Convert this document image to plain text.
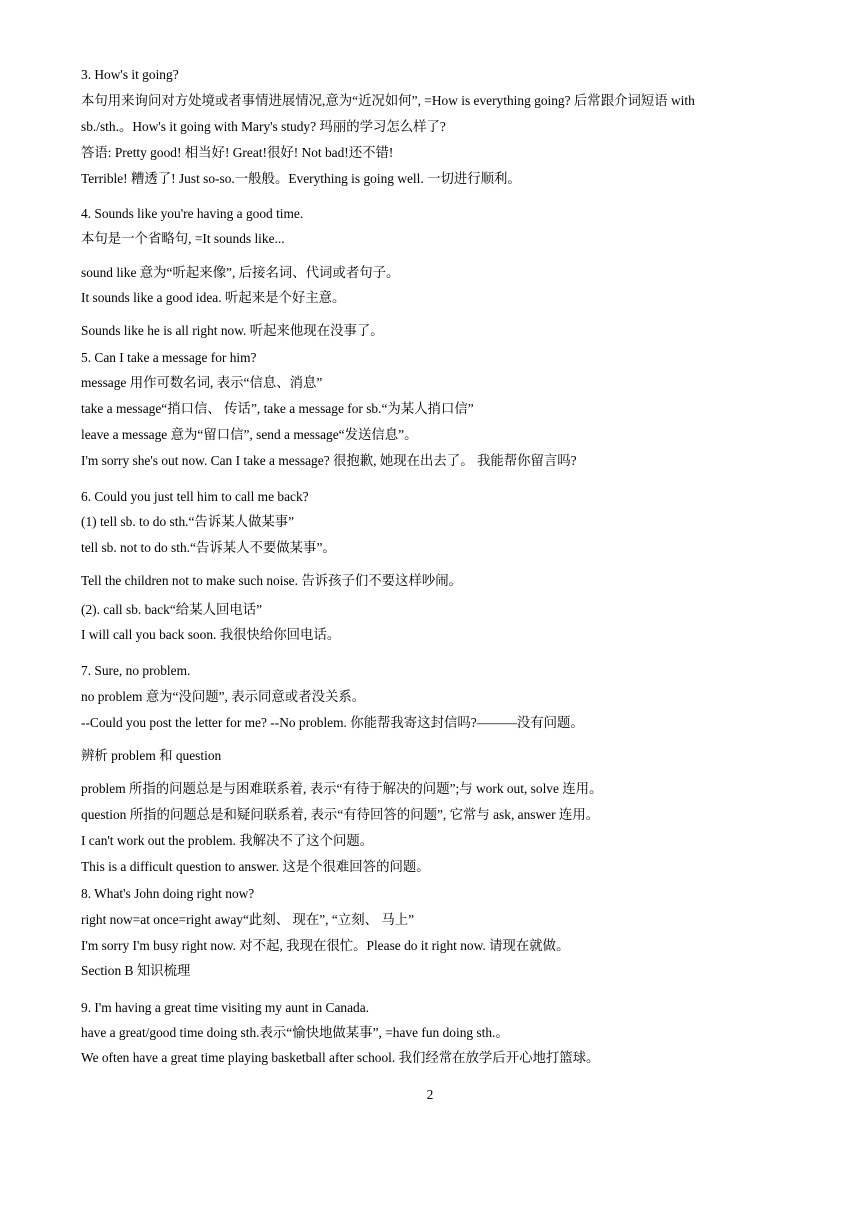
3. How's it going?
本句用来询问对方处境或者事情进展情况,意为“近况如何”, =How is everything going? 后常跟介词短语 with
sb./sth.。How's it going with Mary's study? 玛丽的学习怎么样了?
答语: Pretty good! 相当好! Great!很好! Not bad!还不错!
Terrible! 糟透了! Just so-so.一般般。Everything is going well. 一切进行顺利。
4. Sounds like you're having a good time.
本句是一个省略句, =It sounds like...
sound like 意为“听起来像”, 后接名词、代词或者句子。
It sounds like a good idea. 听起来是个好主意。
Sounds like he is all right now. 听起来他现在没事了。
5. Can I take a message for him?
message 用作可数名词, 表示“信息、消息”
take a message“捎口信、 传话”, take a message for sb.“为某人捎口信”
leave a message 意为“留口信”, send a message“发送信息”。
I'm sorry she's out now. Can I take a message? 很抱歉, 她现在出去了。 我能帮你留言吗?
6. Could you just tell him to call me back?
(1) tell sb. to do sth.“告诉某人做某事”
tell sb. not to do sth.“告诉某人不要做某事”。
Tell the children not to make such noise. 告诉孩子们不要这样吵闹。
(2). call sb. back“给某人回电话”
I will call you back soon. 我很快给你回电话。
7. Sure, no problem.
no problem 意为“没问题”, 表示同意或者没关系。
--Could you post the letter for me? --No problem. 你能帮我寄这封信吗?———没有问题。
辨析 problem 和 question
problem 所指的问题总是与困难联系着, 表示“有待于解决的问题”;与 work out, solve 连用。
question 所指的问题总是和疑问联系着, 表示“有待回答的问题”, 它常与 ask, answer 连用。
I can't work out the problem. 我解决不了这个问题。
This is a difficult question to answer. 这是个很难回答的问题。
8. What's John doing right now?
right now=at once=right away“此刻、 现在”, “立刻、 马上”
I'm sorry I'm busy right now. 对不起, 我现在很忙。Please do it right now. 请现在就做。
Section B 知识梳理
9. I'm having a great time visiting my aunt in Canada.
have a great/good time doing sth.表示“愉快地做某事”, =have fun doing sth.。
We often have a great time playing basketball after school. 我们经常在放学后开心地打篮球。
2
